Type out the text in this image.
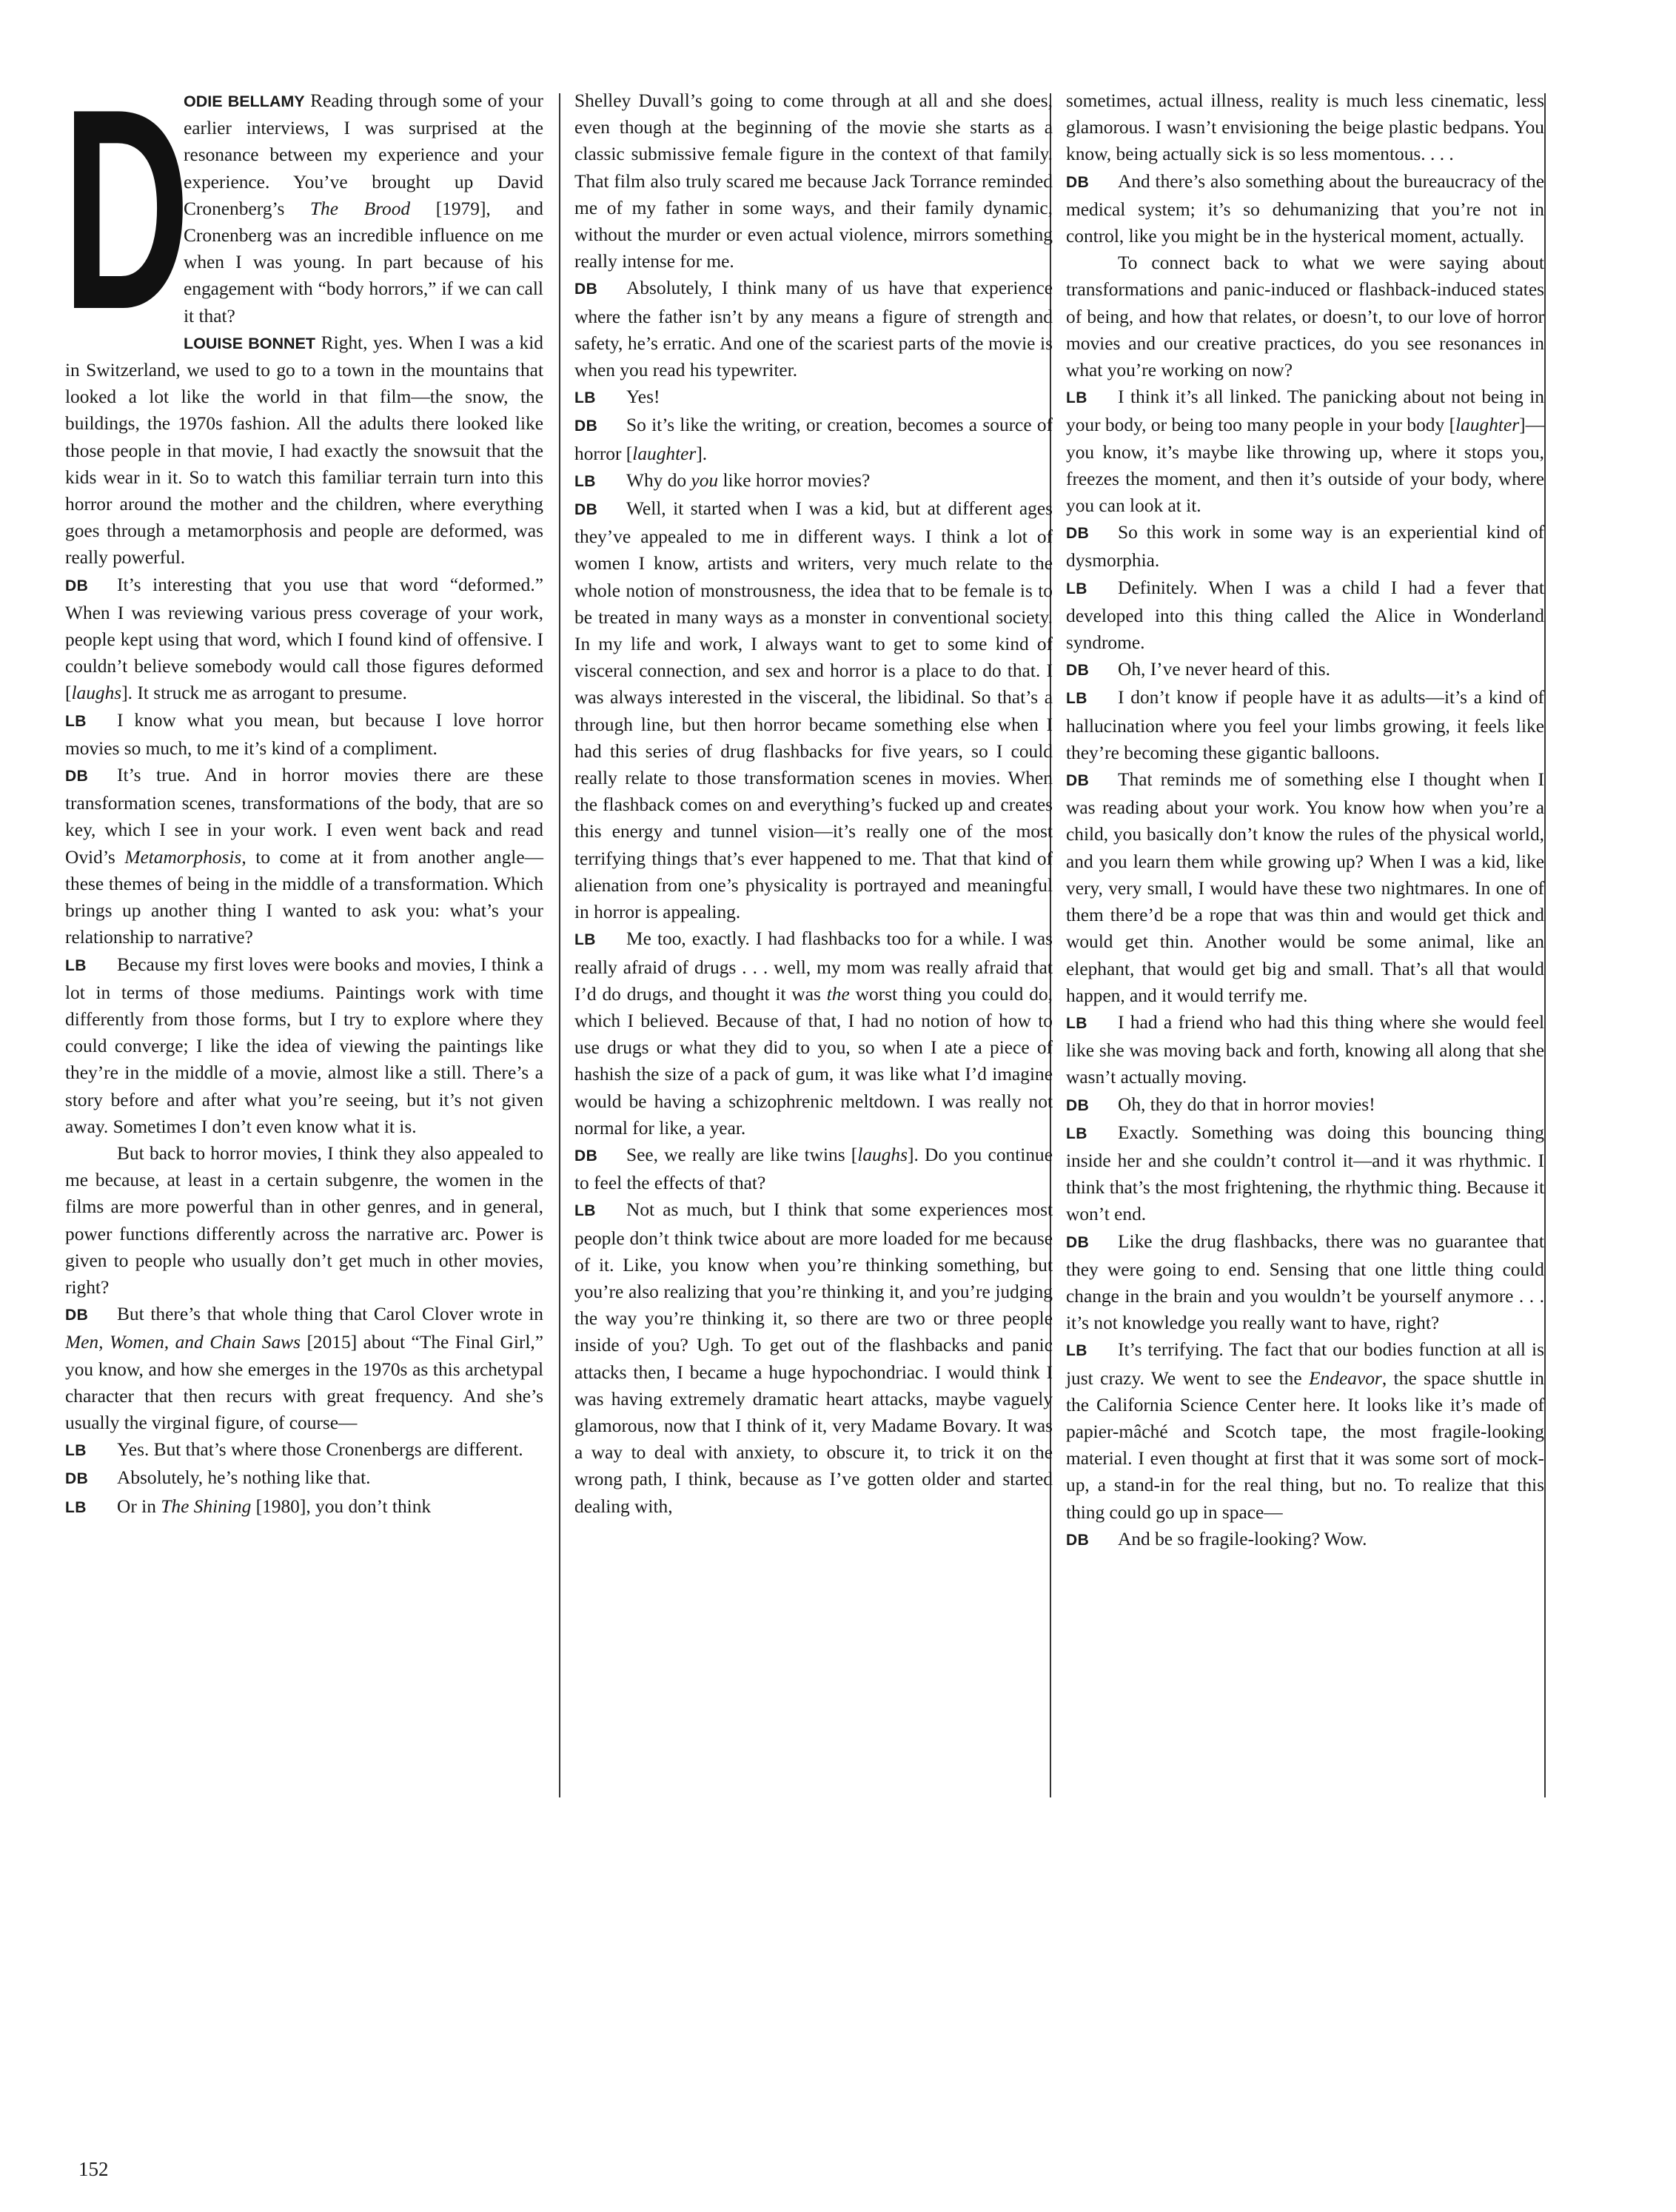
D
ODIE BELLAMY Reading through some of your earlier interviews, I was surprised at the resonance between my experience and your experience. You’ve brought up David Cronenberg’s The Brood [1979], and Cronenberg was an incredible influence on me when I was young. In part because of his engagement with “body horrors,” if we can call it that?

LOUISE BONNET Right, yes. When I was a kid in Switzerland, we used to go to a town in the mountains that looked a lot like the world in that film—the snow, the buildings, the 1970s fashion. All the adults there looked like those people in that movie, I had exactly the snowsuit that the kids wear in it. So to watch this familiar terrain turn into this horror around the mother and the children, where everything goes through a metamorphosis and people are deformed, was really powerful.

DB It’s interesting that you use that word “deformed.” When I was reviewing various press coverage of your work, people kept using that word, which I found kind of offensive. I couldn’t believe somebody would call those figures deformed [laughs]. It struck me as arrogant to presume.

LB I know what you mean, but because I love horror movies so much, to me it’s kind of a compliment.

DB It’s true. And in horror movies there are these transformation scenes, transformations of the body, that are so key, which I see in your work. I even went back and read Ovid’s Metamorphosis, to come at it from another angle—these themes of being in the middle of a transformation. Which brings up another thing I wanted to ask you: what’s your relationship to narrative?

LB Because my first loves were books and movies, I think a lot in terms of those mediums. Paintings work with time differently from those forms, but I try to explore where they could converge; I like the idea of viewing the paintings like they’re in the middle of a movie, almost like a still. There’s a story before and after what you’re seeing, but it’s not given away. Sometimes I don’t even know what it is.

But back to horror movies, I think they also appealed to me because, at least in a certain subgenre, the women in the films are more powerful than in other genres, and in general, power functions differently across the narrative arc. Power is given to people who usually don’t get much in other movies, right?

DB But there’s that whole thing that Carol Clover wrote in Men, Women, and Chain Saws [2015] about “The Final Girl,” you know, and how she emerges in the 1970s as this archetypal character that then recurs with great frequency. And she’s usually the virginal figure, of course—

LB Yes. But that’s where those Cronenbergs are different.

DB Absolutely, he’s nothing like that.

LB Or in The Shining [1980], you don’t think

Shelley Duvall’s going to come through at all and she does, even though at the beginning of the movie she starts as a classic submissive female figure in the context of that family. That film also truly scared me because Jack Torrance reminded me of my father in some ways, and their family dynamic, without the murder or even actual violence, mirrors something really intense for me.

DB Absolutely, I think many of us have that experience where the father isn’t by any means a figure of strength and safety, he’s erratic. And one of the scariest parts of the movie is when you read his typewriter.

LB Yes!

DB So it’s like the writing, or creation, becomes a source of horror [laughter].

LB Why do you like horror movies?

DB Well, it started when I was a kid, but at different ages they’ve appealed to me in different ways. I think a lot of women I know, artists and writers, very much relate to the whole notion of monstrousness, the idea that to be female is to be treated in many ways as a monster in conventional society. In my life and work, I always want to get to some kind of visceral connection, and sex and horror is a place to do that. I was always interested in the visceral, the libidinal. So that’s a through line, but then horror became something else when I had this series of drug flashbacks for five years, so I could really relate to those transformation scenes in movies. When the flashback comes on and everything’s fucked up and creates this energy and tunnel vision—it’s really one of the most terrifying things that’s ever happened to me. That that kind of alienation from one’s physicality is portrayed and meaningful in horror is appealing.

LB Me too, exactly. I had flashbacks too for a while. I was really afraid of drugs . . . well, my mom was really afraid that I’d do drugs, and thought it was the worst thing you could do, which I believed. Because of that, I had no notion of how to use drugs or what they did to you, so when I ate a piece of hashish the size of a pack of gum, it was like what I’d imagine would be having a schizophrenic meltdown. I was really not normal for like, a year.

DB See, we really are like twins [laughs]. Do you continue to feel the effects of that?

LB Not as much, but I think that some experiences most people don’t think twice about are more loaded for me because of it. Like, you know when you’re thinking something, but you’re also realizing that you’re thinking it, and you’re judging the way you’re thinking it, so there are two or three people inside of you? Ugh. To get out of the flashbacks and panic attacks then, I became a huge hypochondriac. I would think I was having extremely dramatic heart attacks, maybe vaguely glamorous, now that I think of it, very Madame Bovary. It was a way to deal with anxiety, to obscure it, to trick it on the wrong path, I think, because as I’ve gotten older and started dealing with,

sometimes, actual illness, reality is much less cinematic, less glamorous. I wasn’t envisioning the beige plastic bedpans. You know, being actually sick is so less momentous. . . .

DB And there’s also something about the bureaucracy of the medical system; it’s so dehumanizing that you’re not in control, like you might be in the hysterical moment, actually.

To connect back to what we were saying about transformations and panic-induced or flashback-induced states of being, and how that relates, or doesn’t, to our love of horror movies and our creative practices, do you see resonances in what you’re working on now?

LB I think it’s all linked. The panicking about not being in your body, or being too many people in your body [laughter]—you know, it’s maybe like throwing up, where it stops you, freezes the moment, and then it’s outside of your body, where you can look at it.

DB So this work in some way is an experiential kind of dysmorphia.

LB Definitely. When I was a child I had a fever that developed into this thing called the Alice in Wonderland syndrome.

DB Oh, I’ve never heard of this.

LB I don’t know if people have it as adults—it’s a kind of hallucination where you feel your limbs growing, it feels like they’re becoming these gigantic balloons.

DB That reminds me of something else I thought when I was reading about your work. You know how when you’re a child, you basically don’t know the rules of the physical world, and you learn them while growing up? When I was a kid, like very, very small, I would have these two nightmares. In one of them there’d be a rope that was thin and would get thick and would get thin. Another would be some animal, like an elephant, that would get big and small. That’s all that would happen, and it would terrify me.

LB I had a friend who had this thing where she would feel like she was moving back and forth, knowing all along that she wasn’t actually moving.

DB Oh, they do that in horror movies!

LB Exactly. Something was doing this bouncing thing inside her and she couldn’t control it—and it was rhythmic. I think that’s the most frightening, the rhythmic thing. Because it won’t end.

DB Like the drug flashbacks, there was no guarantee that they were going to end. Sensing that one little thing could change in the brain and you wouldn’t be yourself anymore . . . it’s not knowledge you really want to have, right?

LB It’s terrifying. The fact that our bodies function at all is just crazy. We went to see the Endeavor, the space shuttle in the California Science Center here. It looks like it’s made of papier-mâché and Scotch tape, the most fragile-looking material. I even thought at first that it was some sort of mock-up, a stand-in for the real thing, but no. To realize that this thing could go up in space—

DB And be so fragile-looking? Wow.

152
